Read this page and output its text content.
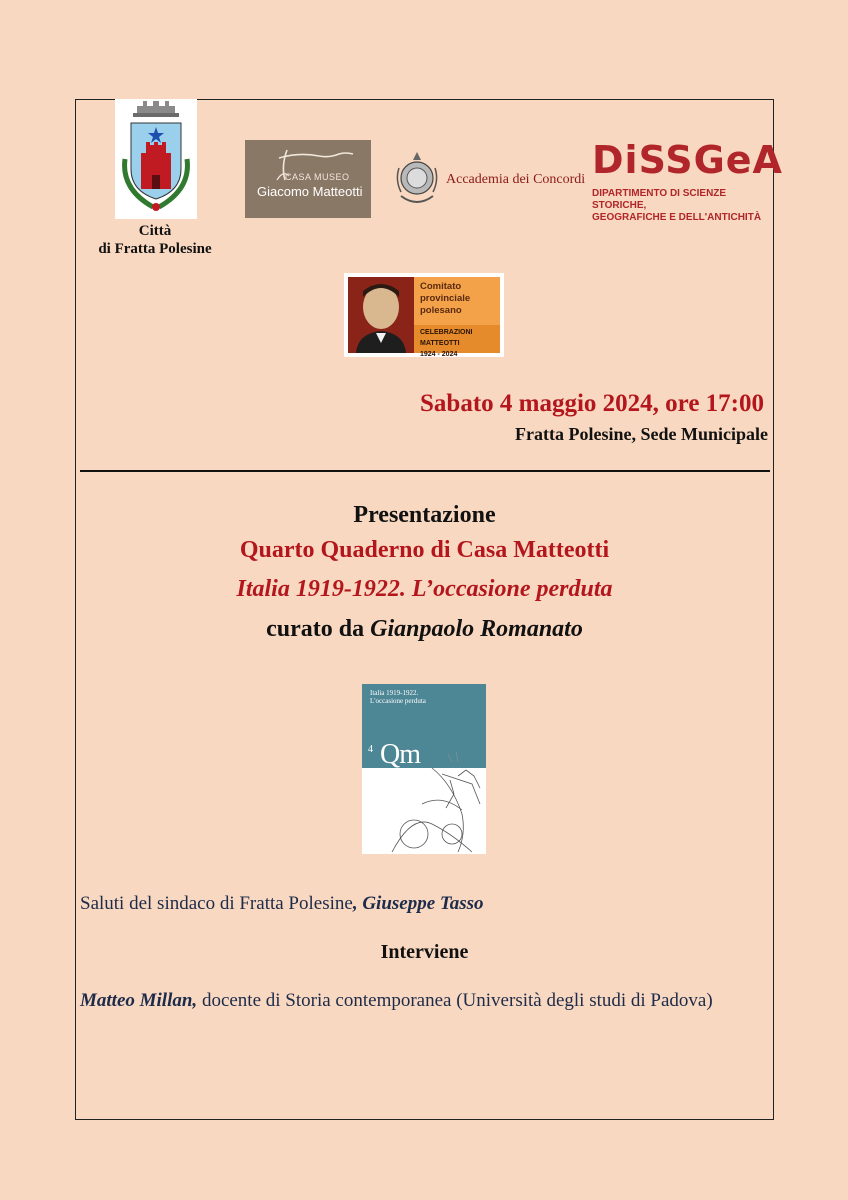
Città
di Fratta Polesine
CASA MUSEO
Giacomo Matteotti
Accademia dei Concordi DiSSGeA
DIPARTIMENTO DI SCIENZE STORICHE,
GEOGRAFICHE E DELL'ANTICHITÀ
Comitato
provinciale
polesano
CELEBRAZIONI MATTEOTTI
1924 - 2024
Sabato 4 maggio 2024, ore 17:00
Fratta Polesine, Sede Municipale
Presentazione
Quarto Quaderno di Casa Matteotti
Italia 1919-1922. L’occasione perduta
curato da Gianpaolo Romanato
Italia 1919-1922.
L'occasione perduta
4 Qm
Saluti del sindaco di Fratta Polesine, Giuseppe Tasso
Interviene
Matteo Millan, docente di Storia contemporanea (Università degli studi di Padova)
